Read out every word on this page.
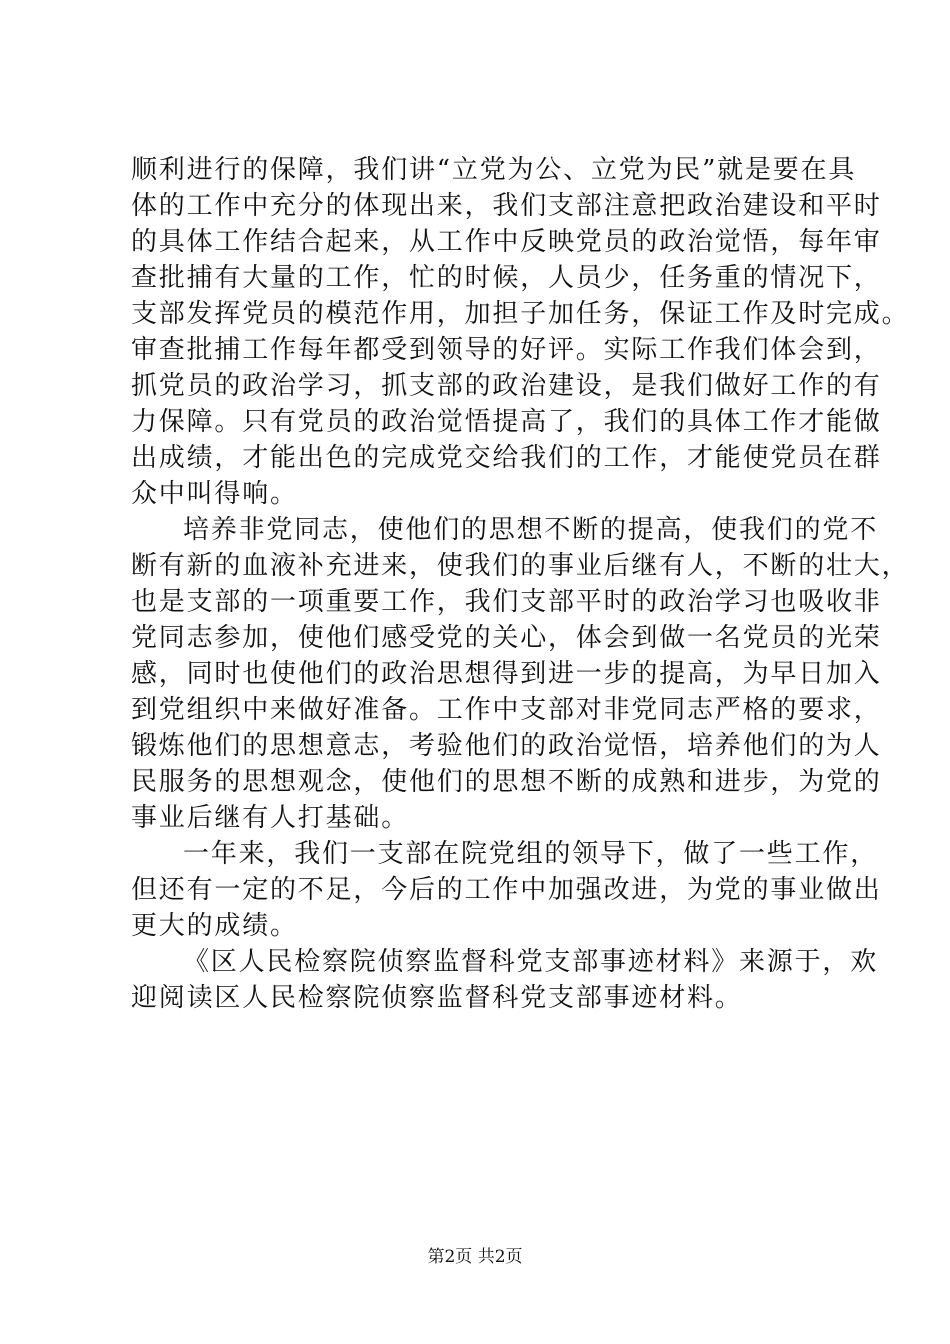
顺利进行的保障，我们讲“立党为公、立党为民”就是要在具
体的工作中充分的体现出来，我们支部注意把政治建设和平时
的具体工作结合起来，从工作中反映党员的政治觉悟，每年审
查批捕有大量的工作，忙的时候，人员少，任务重的情况下，
支部发挥党员的模范作用，加担子加任务，保证工作及时完成。
审查批捕工作每年都受到领导的好评。实际工作我们体会到，
抓党员的政治学习，抓支部的政治建设，是我们做好工作的有
力保障。只有党员的政治觉悟提高了，我们的具体工作才能做
出成绩，才能出色的完成党交给我们的工作，才能使党员在群
众中叫得响。
培养非党同志，使他们的思想不断的提高，使我们的党不
断有新的血液补充进来，使我们的事业后继有人，不断的壮大，
也是支部的一项重要工作，我们支部平时的政治学习也吸收非
党同志参加，使他们感受党的关心，体会到做一名党员的光荣
感，同时也使他们的政治思想得到进一步的提高，为早日加入
到党组织中来做好准备。工作中支部对非党同志严格的要求，
锻炼他们的思想意志，考验他们的政治觉悟，培养他们的为人
民服务的思想观念，使他们的思想不断的成熟和进步，为党的
事业后继有人打基础。
一年来，我们一支部在院党组的领导下，做了一些工作，
但还有一定的不足，今后的工作中加强改进，为党的事业做出
更大的成绩。
《区人民检察院侦察监督科党支部事迹材料》来源于，欢
迎阅读区人民检察院侦察监督科党支部事迹材料。
第2页 共2页
